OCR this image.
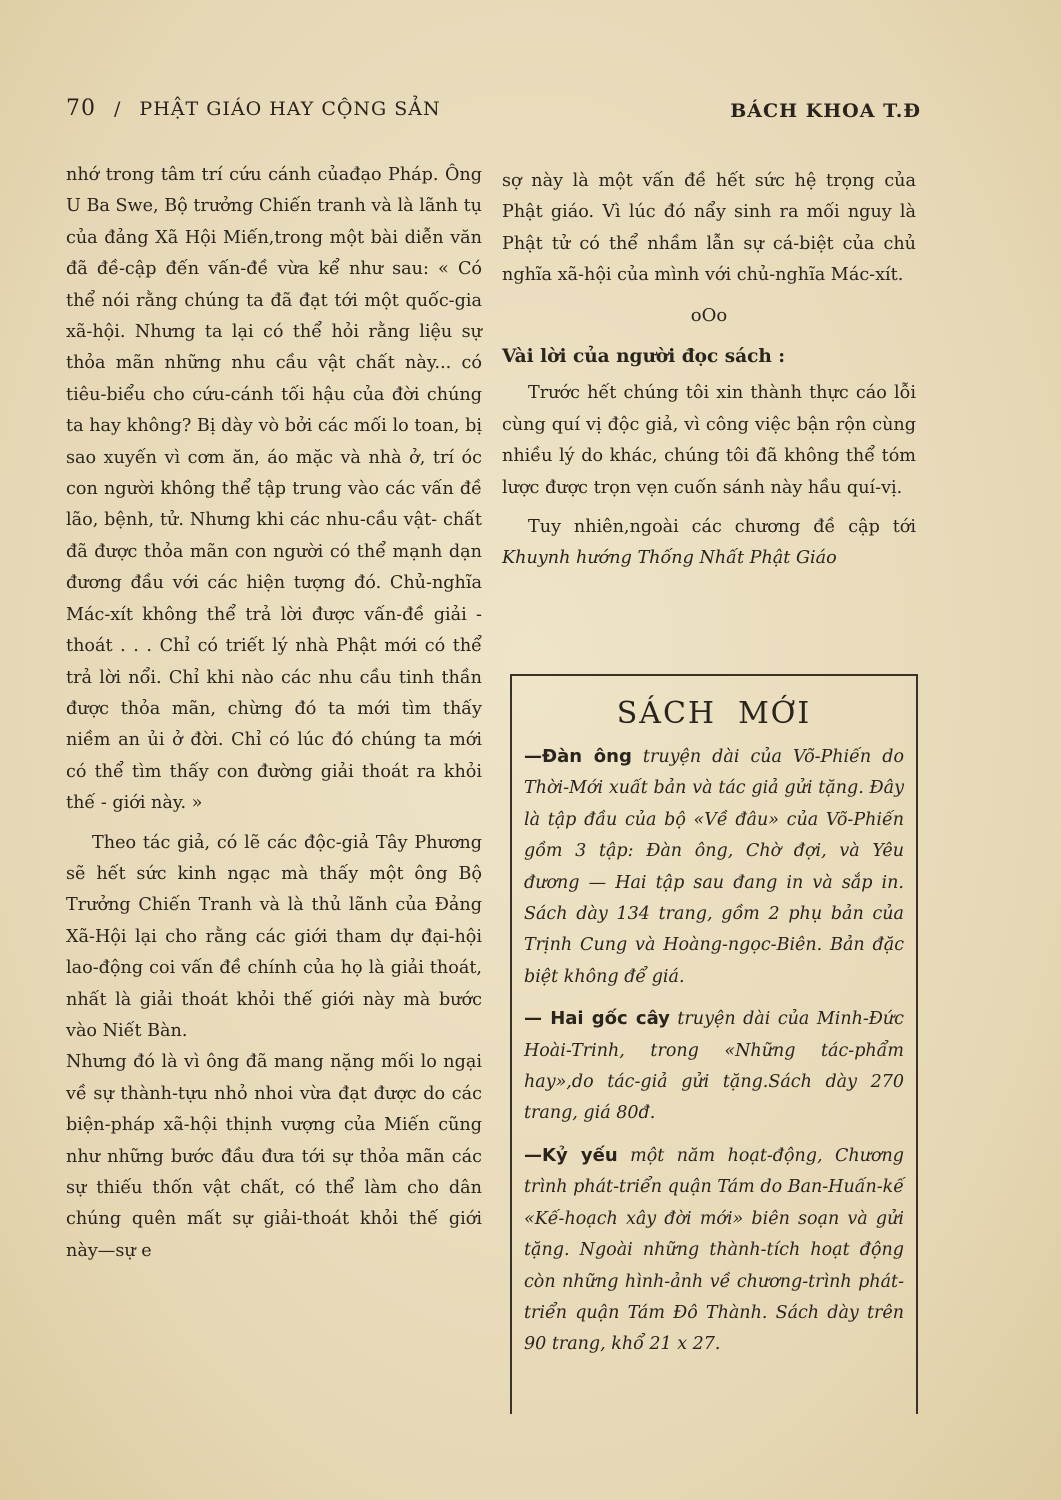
70 / PHẬT GIÁO HAY CỘNG SẢN	BÁCH KHOA T.Đ

nhớ trong tâm trí cứu cánh củađạo Pháp. Ông U Ba Swe, Bộ trưởng Chiến tranh và là lãnh tụ của đảng Xã Hội Miến,trong một bài diễn văn đã đề-cập đến vấn-đề vừa kể như sau: « Có thể nói rằng chúng ta đã đạt tới một quốc-gia xã-hội. Nhưng ta lại có thể hỏi rằng liệu sự thỏa mãn những nhu cầu vật chất này... có tiêu-biểu cho cứu-cánh tối hậu của đời chúng ta hay không? Bị dày vò bởi các mối lo toan, bị sao xuyến vì cơm ăn, áo mặc và nhà ở, trí óc con người không thể tập trung vào các vấn đề lão, bệnh, tử. Nhưng khi các nhu-cầu vật- chất đã được thỏa mãn con người có thể mạnh dạn đương đầu với các hiện tượng đó. Chủ-nghĩa Mác-xít không thể trả lời được vấn-đề giải - thoát . . . Chỉ có triết lý nhà Phật mới có thể trả lời nổi. Chỉ khi nào các nhu cầu tinh thần được thỏa mãn, chừng đó ta mới tìm thấy niềm an ủi ở đời. Chỉ có lúc đó chúng ta mới có thể tìm thấy con đường giải thoát ra khỏi thế - giới này. »

Theo tác giả, có lẽ các độc-giả Tây Phương sẽ hết sức kinh ngạc mà thấy một ông Bộ Trưởng Chiến Tranh và là thủ lãnh của Đảng Xã-Hội lại cho rằng các giới tham dự đại-hội lao-động coi vấn đề chính của họ là giải thoát, nhất là giải thoát khỏi thế giới này mà bước vào Niết Bàn.

Nhưng đó là vì ông đã mang nặng mối lo ngại về sự thành-tựu nhỏ nhoi vừa đạt được do các biện-pháp xã-hội thịnh vượng của Miến cũng như những bước đầu đưa tới sự thỏa mãn các sự thiếu thốn vật chất, có thể làm cho dân chúng quên mất sự giải-thoát khỏi thế giới này—sự e

sợ này là một vấn đề hết sức hệ trọng của Phật giáo. Vì lúc đó nẩy sinh ra mối nguy là Phật tử có thể nhầm lẫn sự cá-biệt của chủ nghĩa xã-hội của mình với chủ-nghĩa Mác-xít.

oOo
Vài lời của người đọc sách :

Trước hết chúng tôi xin thành thực cáo lỗi cùng quí vị độc giả, vì công việc bận rộn cùng nhiều lý do khác, chúng tôi đã không thể tóm lược được trọn vẹn cuốn sánh này hầu quí-vị.

Tuy nhiên,ngoài các chương đề cập tới Khuynh hướng Thống Nhất Phật Giáo

SÁCH MỚI
—Đàn ông truyện dài của Võ-Phiến do Thời-Mới xuất bản và tác giả gửi tặng. Đây là tập đầu của bộ «Về đâu» của Võ-Phiến gồm 3 tập: Đàn ông, Chờ đợi, và Yêu đương — Hai tập sau đang in và sắp in. Sách dày 134 trang, gồm 2 phụ bản của Trịnh Cung và Hoàng-ngọc-Biên. Bản đặc biệt không để giá.
— Hai gốc cây truyện dài của Minh-Đức Hoài-Trinh, trong «Những tác-phẩm hay»,do tác-giả gửi tặng.Sách dày 270 trang, giá 80đ.
—Kỷ yếu một năm hoạt-động, Chương trình phát-triển quận Tám do Ban-Huấn-kế «Kế-hoạch xây đời mới» biên soạn và gửi tặng. Ngoài những thành-tích hoạt động còn những hình-ảnh về chương-trình phát-triển quận Tám Đô Thành. Sách dày trên 90 trang, khổ 21 x 27.
